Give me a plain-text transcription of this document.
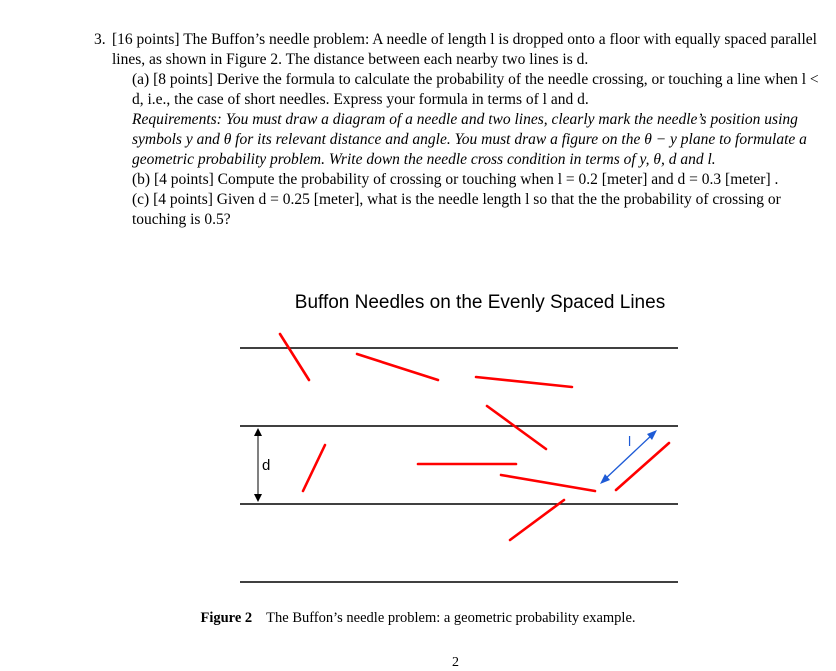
3. [16 points] The Buffon’s needle problem: A needle of length l is dropped onto a floor with equally spaced parallel lines, as shown in Figure 2. The distance between each nearby two lines is d.

(a) [8 points] Derive the formula to calculate the probability of the needle crossing, or touching a line when l < d, i.e., the case of short needles. Express your formula in terms of l and d.

Requirements: You must draw a diagram of a needle and two lines, clearly mark the needle’s position using symbols y and θ for its relevant distance and angle. You must draw a figure on the θ − y plane to formulate a geometric probability problem. Write down the needle cross condition in terms of y, θ, d and l.

(b) [4 points] Compute the probability of crossing or touching when l = 0.2 [meter] and d = 0.3 [meter] .

(c) [4 points] Given d = 0.25 [meter], what is the needle length l so that the the probability of crossing or touching is 0.5?

Buffon Needles on the Evenly Spaced Lines
d
l
Figure 2 The Buffon’s needle problem: a geometric probability example.
2
